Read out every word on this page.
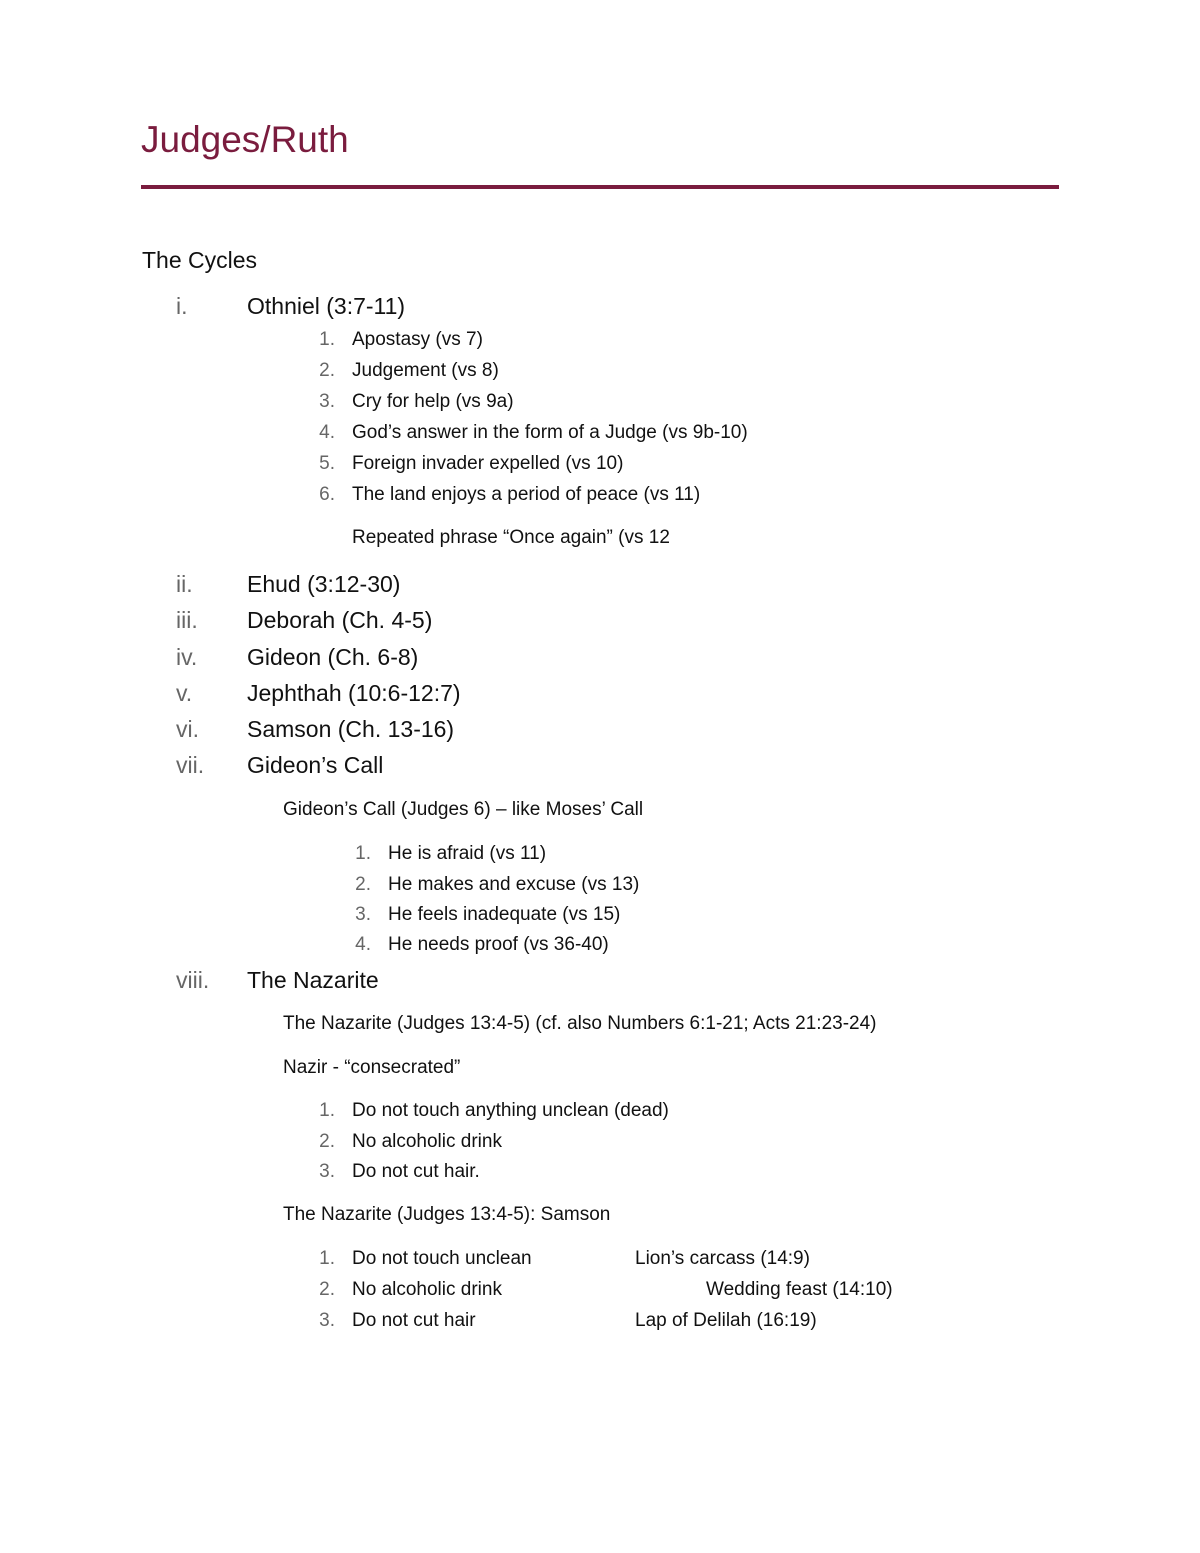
Judges/Ruth
The Cycles
i.	Othniel (3:7-11)
1. Apostasy (vs 7)
2. Judgement (vs 8)
3. Cry for help (vs 9a)
4. God’s answer in the form of a Judge (vs 9b-10)
5. Foreign invader expelled (vs 10)
6. The land enjoys a period of peace (vs 11)
Repeated phrase “Once again” (vs 12
ii. Ehud (3:12-30)
iii. Deborah (Ch. 4-5)
iv. Gideon (Ch. 6-8)
v. Jephthah (10:6-12:7)
vi. Samson (Ch. 13-16)
vii. Gideon’s Call
Gideon’s Call (Judges 6) – like Moses’ Call
1. He is afraid (vs 11)
2. He makes and excuse (vs 13)
3. He feels inadequate (vs 15)
4. He needs proof (vs 36-40)
viii. The Nazarite
The Nazarite (Judges 13:4-5) (cf. also Numbers 6:1-21; Acts 21:23-24)
Nazir - “consecrated”
1. Do not touch anything unclean (dead)
2. No alcoholic drink
3. Do not cut hair.
The Nazarite (Judges 13:4-5): Samson
1. Do not touch unclean	Lion’s carcass (14:9)
2. No alcoholic drink	Wedding feast (14:10)
3. Do not cut hair	Lap of Delilah (16:19)
